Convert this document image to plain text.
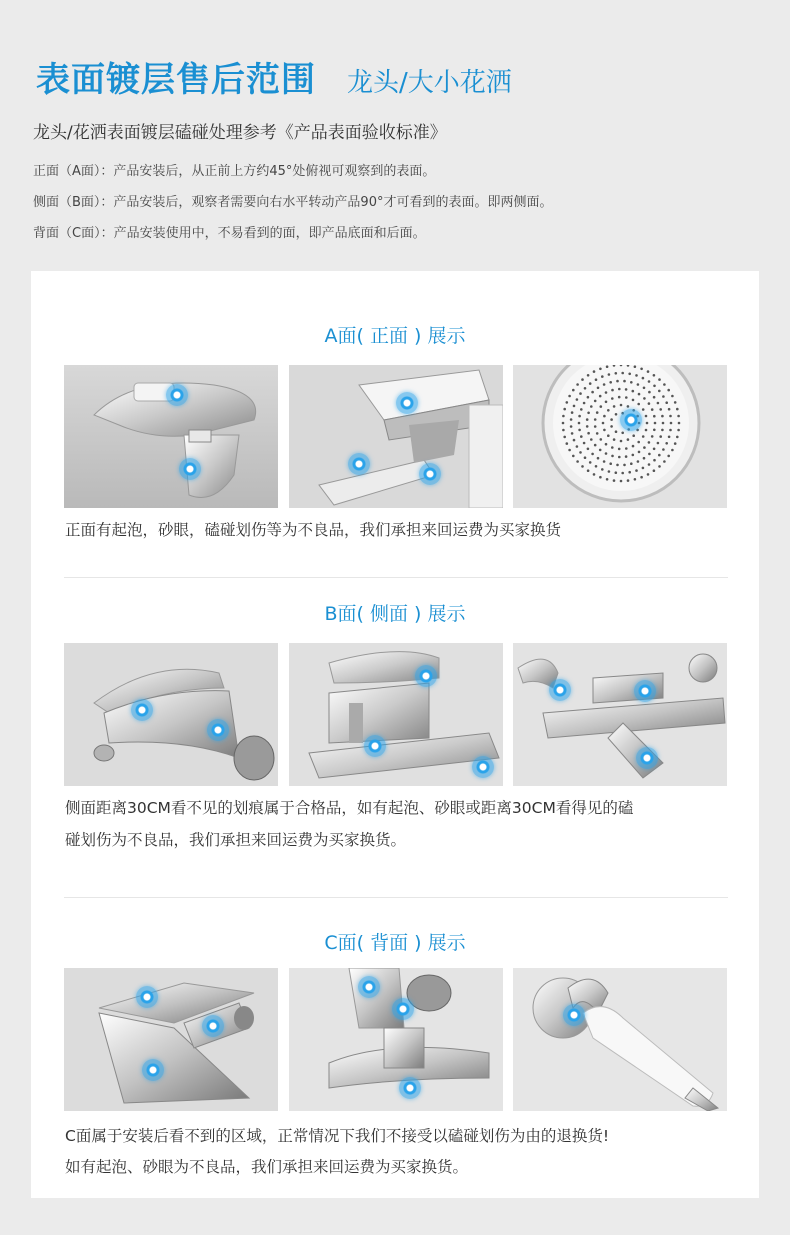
表面镀层售后范围 龙头/大小花洒
龙头/花洒表面镀层磕碰处理参考《产品表面验收标准》
正面（A面）：产品安装后，从正前上方约45°处俯视可观察到的表面。
侧面（B面）：产品安装后，观察者需要向右水平转动产品90°才可看到的表面。即两侧面。
背面（C面）：产品安装使用中，不易看到的面，即产品底面和后面。
A面( 正面 ) 展示
正面有起泡，砂眼，磕碰划伤等为不良品，我们承担来回运费为买家换货
B面( 侧面 ) 展示
侧面距离30CM看不见的划痕属于合格品，如有起泡、砂眼或距离30CM看得见的磕
碰划伤为不良品，我们承担来回运费为买家换货。
C面( 背面 ) 展示
C面属于安装后看不到的区域，正常情况下我们不接受以磕碰划伤为由的退换货!
如有起泡、砂眼为不良品，我们承担来回运费为买家换货。
